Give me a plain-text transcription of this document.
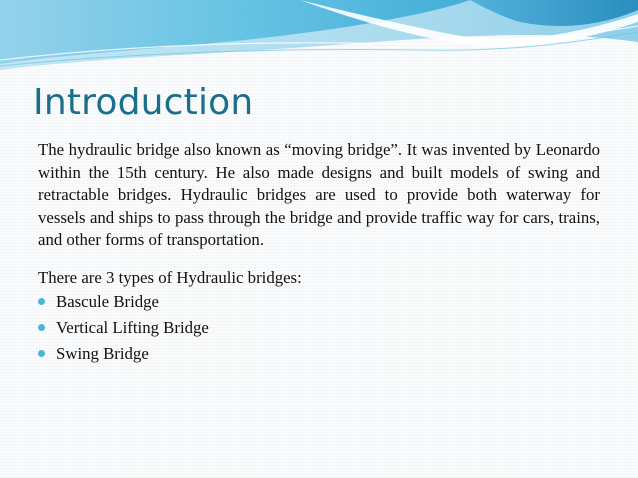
Introduction

The hydraulic bridge also known as “moving bridge”. It was invented by Leonardo within the 15th century. He also made designs and built models of swing and retractable bridges. Hydraulic bridges are used to provide both waterway for vessels and ships to pass through the bridge and provide traffic way for cars, trains, and other forms of transportation.

There are 3 types of Hydraulic bridges:

Bascule Bridge
Vertical Lifting Bridge
Swing Bridge
